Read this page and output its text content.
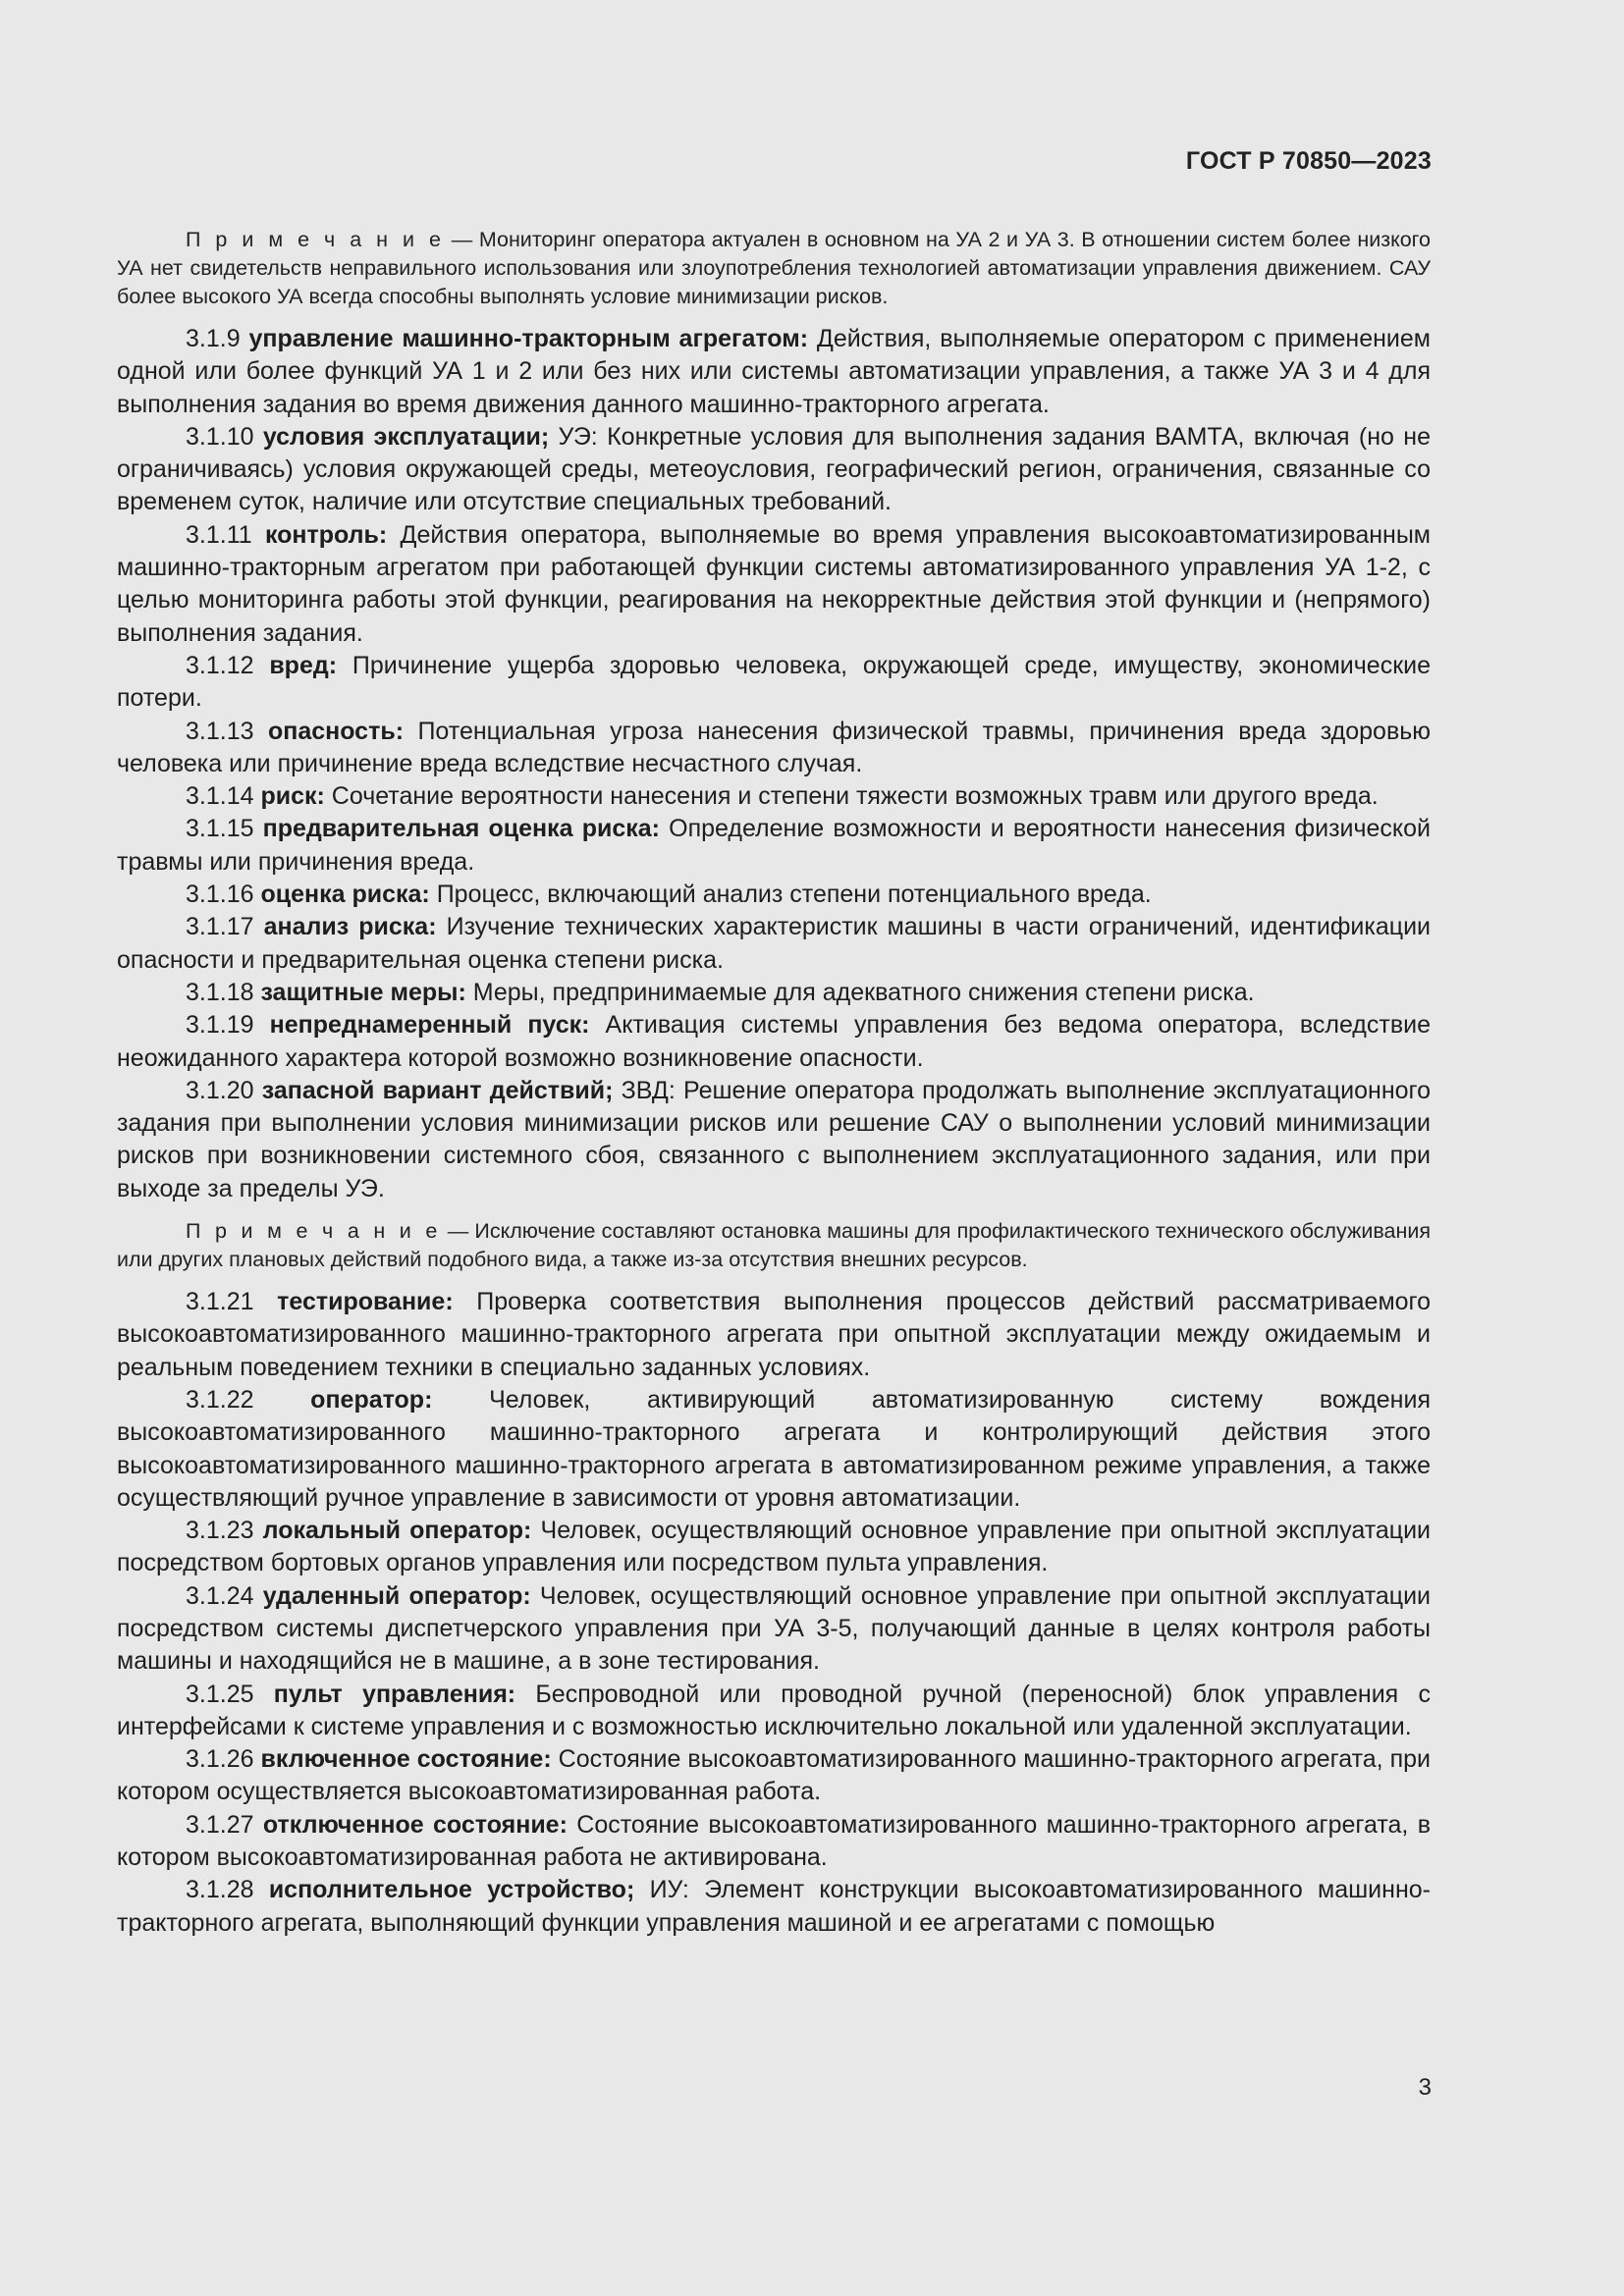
ГОСТ Р 70850—2023

П р и м е ч а н и е — Мониторинг оператора актуален в основном на УА 2 и УА 3. В отношении систем более низкого УА нет свидетельств неправильного использования или злоупотребления технологией автоматизации управления движением. САУ более высокого УА всегда способны выполнять условие минимизации рисков.

3.1.9 управление машинно-тракторным агрегатом: Действия, выполняемые оператором с применением одной или более функций УА 1 и 2 или без них или системы автоматизации управления, а также УА 3 и 4 для выполнения задания во время движения данного машинно-тракторного агрегата.

3.1.10 условия эксплуатации; УЭ: Конкретные условия для выполнения задания ВАМТА, включая (но не ограничиваясь) условия окружающей среды, метеоусловия, географический регион, ограничения, связанные со временем суток, наличие или отсутствие специальных требований.

3.1.11 контроль: Действия оператора, выполняемые во время управления высокоавтоматизированным машинно-тракторным агрегатом при работающей функции системы автоматизированного управления УА 1-2, с целью мониторинга работы этой функции, реагирования на некорректные действия этой функции и (непрямого) выполнения задания.

3.1.12 вред: Причинение ущерба здоровью человека, окружающей среде, имуществу, экономические потери.

3.1.13 опасность: Потенциальная угроза нанесения физической травмы, причинения вреда здоровью человека или причинение вреда вследствие несчастного случая.

3.1.14 риск: Сочетание вероятности нанесения и степени тяжести возможных травм или другого вреда.

3.1.15 предварительная оценка риска: Определение возможности и вероятности нанесения физической травмы или причинения вреда.

3.1.16 оценка риска: Процесс, включающий анализ степени потенциального вреда.

3.1.17 анализ риска: Изучение технических характеристик машины в части ограничений, идентификации опасности и предварительная оценка степени риска.

3.1.18 защитные меры: Меры, предпринимаемые для адекватного снижения степени риска.

3.1.19 непреднамеренный пуск: Активация системы управления без ведома оператора, вследствие неожиданного характера которой возможно возникновение опасности.

3.1.20 запасной вариант действий; ЗВД: Решение оператора продолжать выполнение эксплуатационного задания при выполнении условия минимизации рисков или решение САУ о выполнении условий минимизации рисков при возникновении системного сбоя, связанного с выполнением эксплуатационного задания, или при выходе за пределы УЭ.

П р и м е ч а н и е — Исключение составляют остановка машины для профилактического технического обслуживания или других плановых действий подобного вида, а также из-за отсутствия внешних ресурсов.

3.1.21 тестирование: Проверка соответствия выполнения процессов действий рассматриваемого высокоавтоматизированного машинно-тракторного агрегата при опытной эксплуатации между ожидаемым и реальным поведением техники в специально заданных условиях.

3.1.22 оператор: Человек, активирующий автоматизированную систему вождения высокоавтоматизированного машинно-тракторного агрегата и контролирующий действия этого высокоавтоматизированного машинно-тракторного агрегата в автоматизированном режиме управления, а также осуществляющий ручное управление в зависимости от уровня автоматизации.

3.1.23 локальный оператор: Человек, осуществляющий основное управление при опытной эксплуатации посредством бортовых органов управления или посредством пульта управления.

3.1.24 удаленный оператор: Человек, осуществляющий основное управление при опытной эксплуатации посредством системы диспетчерского управления при УА 3-5, получающий данные в целях контроля работы машины и находящийся не в машине, а в зоне тестирования.

3.1.25 пульт управления: Беспроводной или проводной ручной (переносной) блок управления с интерфейсами к системе управления и с возможностью исключительно локальной или удаленной эксплуатации.

3.1.26 включенное состояние: Состояние высокоавтоматизированного машинно-тракторного агрегата, при котором осуществляется высокоавтоматизированная работа.

3.1.27 отключенное состояние: Состояние высокоавтоматизированного машинно-тракторного агрегата, в котором высокоавтоматизированная работа не активирована.

3.1.28 исполнительное устройство; ИУ: Элемент конструкции высокоавтоматизированного машинно-тракторного агрегата, выполняющий функции управления машиной и ее агрегатами с помощью

3
